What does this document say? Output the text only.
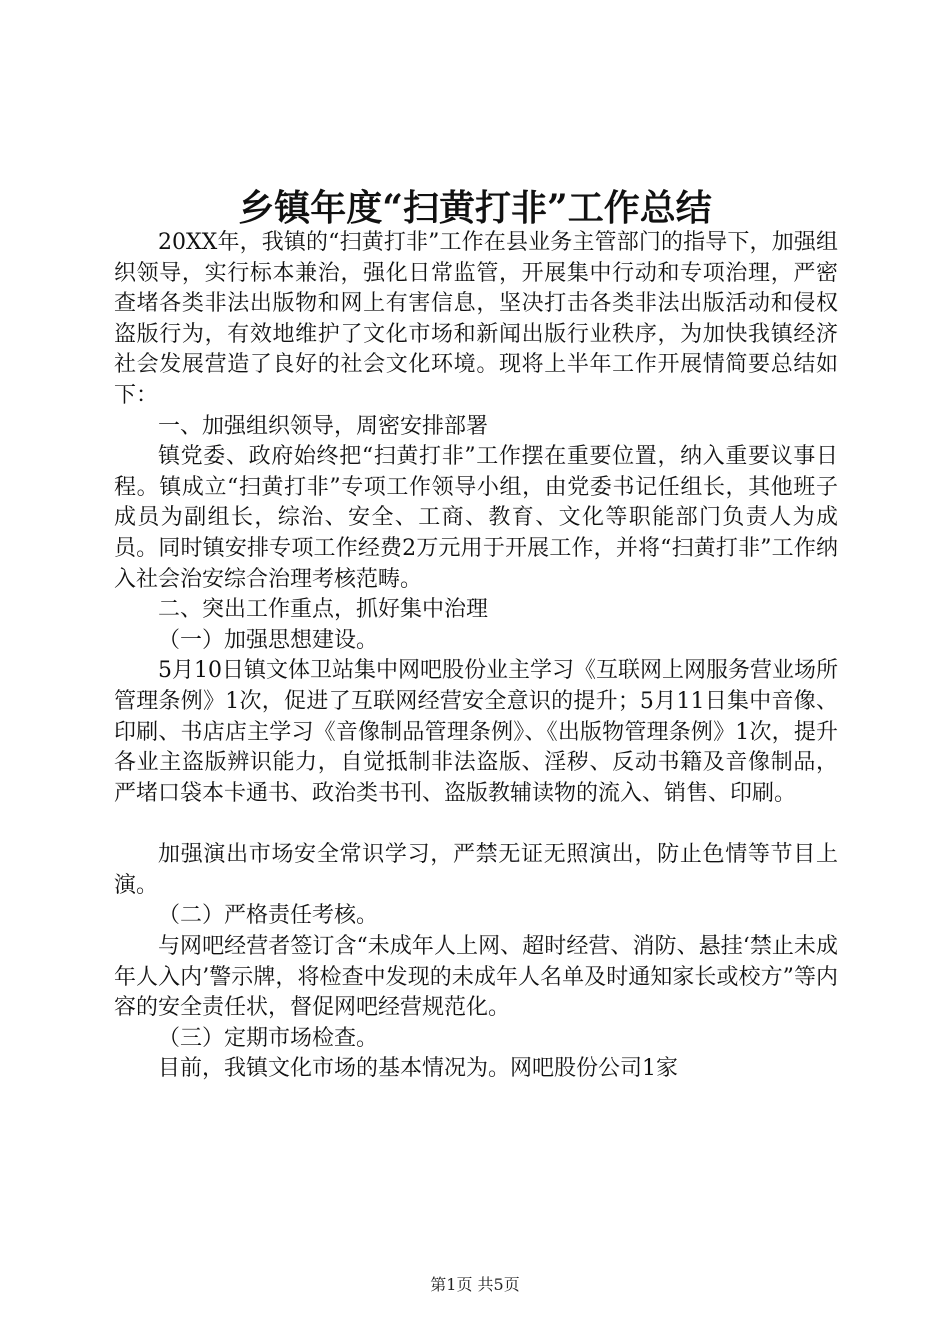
乡镇年度“扫黄打非”工作总结

20XX年，我镇的“扫黄打非”工作在县业务主管部门的指导下，加强组织领导，实行标本兼治，强化日常监管，开展集中行动和专项治理，严密查堵各类非法出版物和网上有害信息，坚决打击各类非法出版活动和侵权盗版行为，有效地维护了文化市场和新闻出版行业秩序，为加快我镇经济社会发展营造了良好的社会文化环境。现将上半年工作开展情简要总结如下：

一、加强组织领导，周密安排部署

镇党委、政府始终把“扫黄打非”工作摆在重要位置，纳入重要议事日程。镇成立“扫黄打非”专项工作领导小组，由党委书记任组长，其他班子成员为副组长，综治、安全、工商、教育、文化等职能部门负责人为成员。同时镇安排专项工作经费2万元用于开展工作，并将“扫黄打非”工作纳入社会治安综合治理考核范畴。

二、突出工作重点，抓好集中治理

（一）加强思想建设。

5月10日镇文体卫站集中网吧股份业主学习《互联网上网服务营业场所管理条例》1次，促进了互联网经营安全意识的提升；5月11日集中音像、印刷、书店店主学习《音像制品管理条例》、《出版物管理条例》1次，提升各业主盗版辨识能力，自觉抵制非法盗版、淫秽、反动书籍及音像制品，严堵口袋本卡通书、政治类书刊、盗版教辅读物的流入、销售、印刷。

加强演出市场安全常识学习，严禁无证无照演出，防止色情等节目上演。

（二）严格责任考核。

与网吧经营者签订含“未成年人上网、超时经营、消防、悬挂‘禁止未成年人入内’警示牌，将检查中发现的未成年人名单及时通知家长或校方”等内容的安全责任状，督促网吧经营规范化。

（三）定期市场检查。

目前，我镇文化市场的基本情况为。网吧股份公司1家

第1页 共5页
